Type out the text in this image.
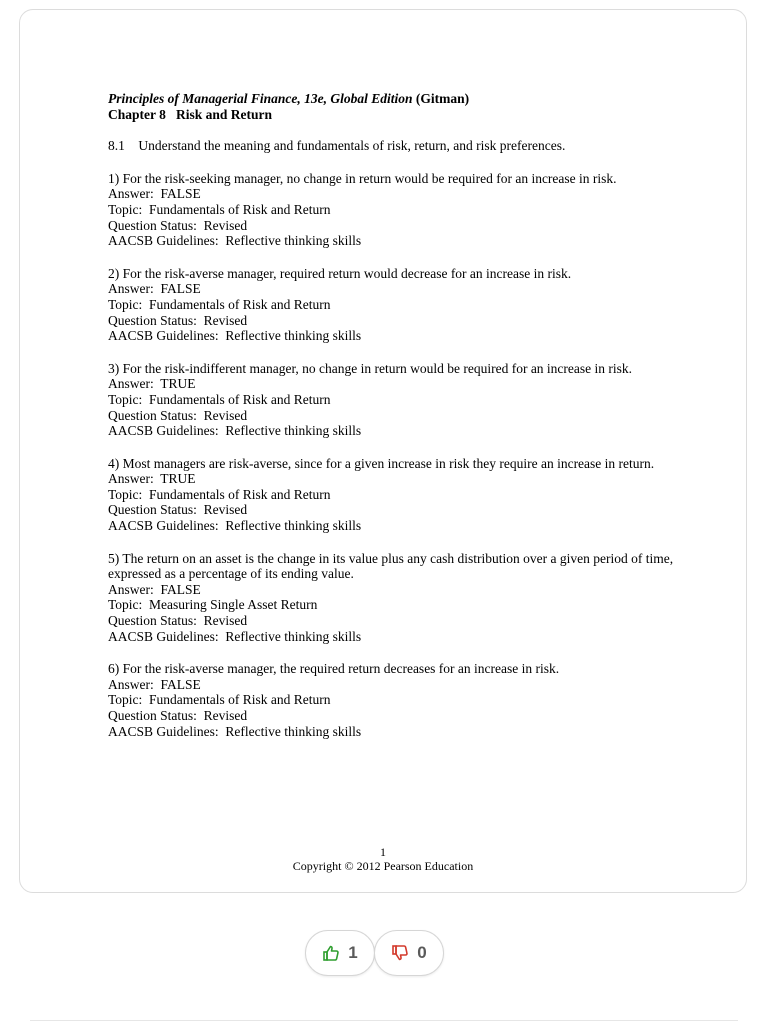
Principles of Managerial Finance, 13e, Global Edition (Gitman)
Chapter 8   Risk and Return
8.1    Understand the meaning and fundamentals of risk, return, and risk preferences.
1) For the risk-seeking manager, no change in return would be required for an increase in risk.
Answer:  FALSE
Topic:  Fundamentals of Risk and Return
Question Status:  Revised
AACSB Guidelines:  Reflective thinking skills
2) For the risk-averse manager, required return would decrease for an increase in risk.
Answer:  FALSE
Topic:  Fundamentals of Risk and Return
Question Status:  Revised
AACSB Guidelines:  Reflective thinking skills
3) For the risk-indifferent manager, no change in return would be required for an increase in risk.
Answer:  TRUE
Topic:  Fundamentals of Risk and Return
Question Status:  Revised
AACSB Guidelines:  Reflective thinking skills
4) Most managers are risk-averse, since for a given increase in risk they require an increase in return.
Answer:  TRUE
Topic:  Fundamentals of Risk and Return
Question Status:  Revised
AACSB Guidelines:  Reflective thinking skills
5) The return on an asset is the change in its value plus any cash distribution over a given period of time, expressed as a percentage of its ending value.
Answer:  FALSE
Topic:  Measuring Single Asset Return
Question Status:  Revised
AACSB Guidelines:  Reflective thinking skills
6) For the risk-averse manager, the required return decreases for an increase in risk.
Answer:  FALSE
Topic:  Fundamentals of Risk and Return
Question Status:  Revised
AACSB Guidelines:  Reflective thinking skills
1
Copyright © 2012 Pearson Education
1	0
